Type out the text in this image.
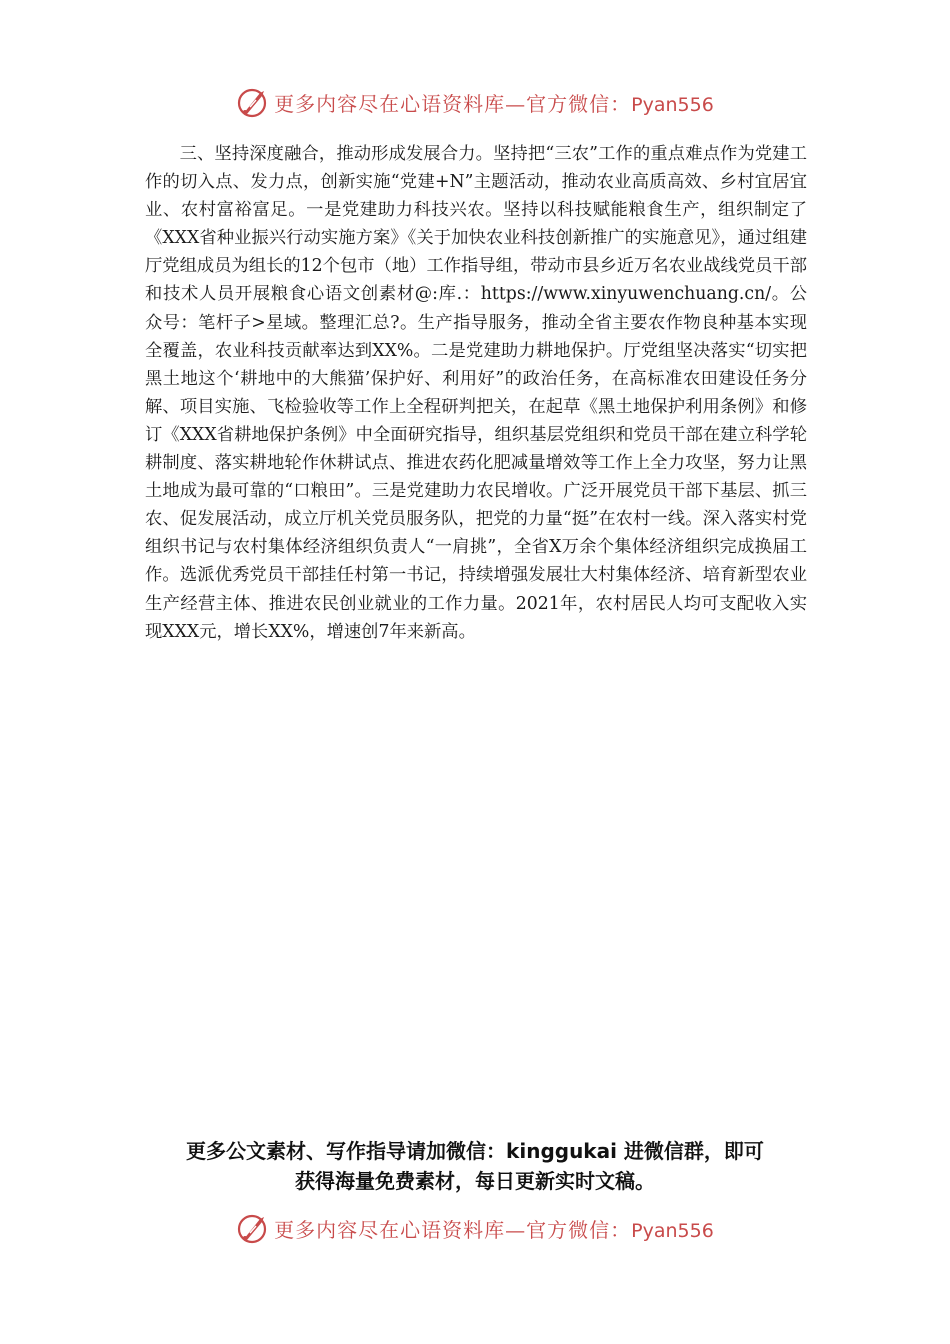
更多内容尽在心语资料库—官方微信：Pyan556

三、坚持深度融合，推动形成发展合力。坚持把“三农”工作的重点难点作为党建工作的切入点、发力点，创新实施“党建+N”主题活动，推动农业高质高效、乡村宜居宜业、农村富裕富足。一是党建助力科技兴农。坚持以科技赋能粮食生产，组织制定了《XXX省种业振兴行动实施方案》《关于加快农业科技创新推广的实施意见》，通过组建厅党组成员为组长的12个包市（地）工作指导组，带动市县乡近万名农业战线党员干部和技术人员开展粮食心语文创素材@:库.：https://www.xinyuwenchuang.cn/。公众号：笔杆子>星域。整理汇总?。生产指导服务，推动全省主要农作物良种基本实现全覆盖，农业科技贡献率达到XX%。二是党建助力耕地保护。厅党组坚决落实“切实把黑土地这个‘耕地中的大熊猫’保护好、利用好”的政治任务，在高标准农田建设任务分解、项目实施、飞检验收等工作上全程研判把关，在起草《黑土地保护利用条例》和修订《XXX省耕地保护条例》中全面研究指导，组织基层党组织和党员干部在建立科学轮耕制度、落实耕地轮作休耕试点、推进农药化肥减量增效等工作上全力攻坚，努力让黑土地成为最可靠的“口粮田”。三是党建助力农民增收。广泛开展党员干部下基层、抓三农、促发展活动，成立厅机关党员服务队，把党的力量“挺”在农村一线。深入落实村党组织书记与农村集体经济组织负责人“一肩挑”，全省X万余个集体经济组织完成换届工作。选派优秀党员干部挂任村第一书记，持续增强发展壮大村集体经济、培育新型农业生产经营主体、推进农民创业就业的工作力量。2021年，农村居民人均可支配收入实现XXX元，增长XX%，增速创7年来新高。

更多公文素材、写作指导请加微信：kinggukai 进微信群，即可
获得海量免费素材，每日更新实时文稿。
更多内容尽在心语资料库—官方微信：Pyan556
